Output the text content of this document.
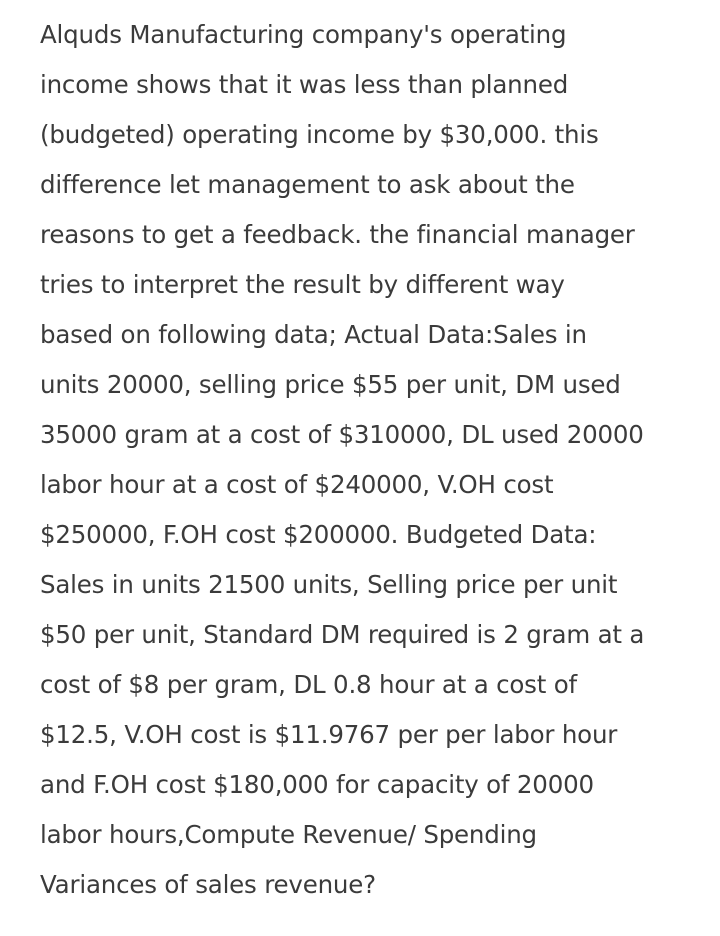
Alquds Manufacturing company's operating
income shows that it was less than planned
(budgeted) operating income by $30,000. this
difference let management to ask about the
reasons to get a feedback. the financial manager
tries to interpret the result by different way
based on following data; Actual Data:Sales in
units 20000, selling price $55 per unit, DM used
35000 gram at a cost of $310000, DL used 20000
labor hour at a cost of $240000, V.OH cost
$250000, F.OH cost $200000. Budgeted Data:
Sales in units 21500 units, Selling price per unit
$50 per unit, Standard DM required is 2 gram at a
cost of $8 per gram, DL 0.8 hour at a cost of
$12.5, V.OH cost is $11.9767 per per labor hour
and F.OH cost $180,000 for capacity of 20000
labor hours,Compute Revenue/ Spending
Variances of sales revenue?
